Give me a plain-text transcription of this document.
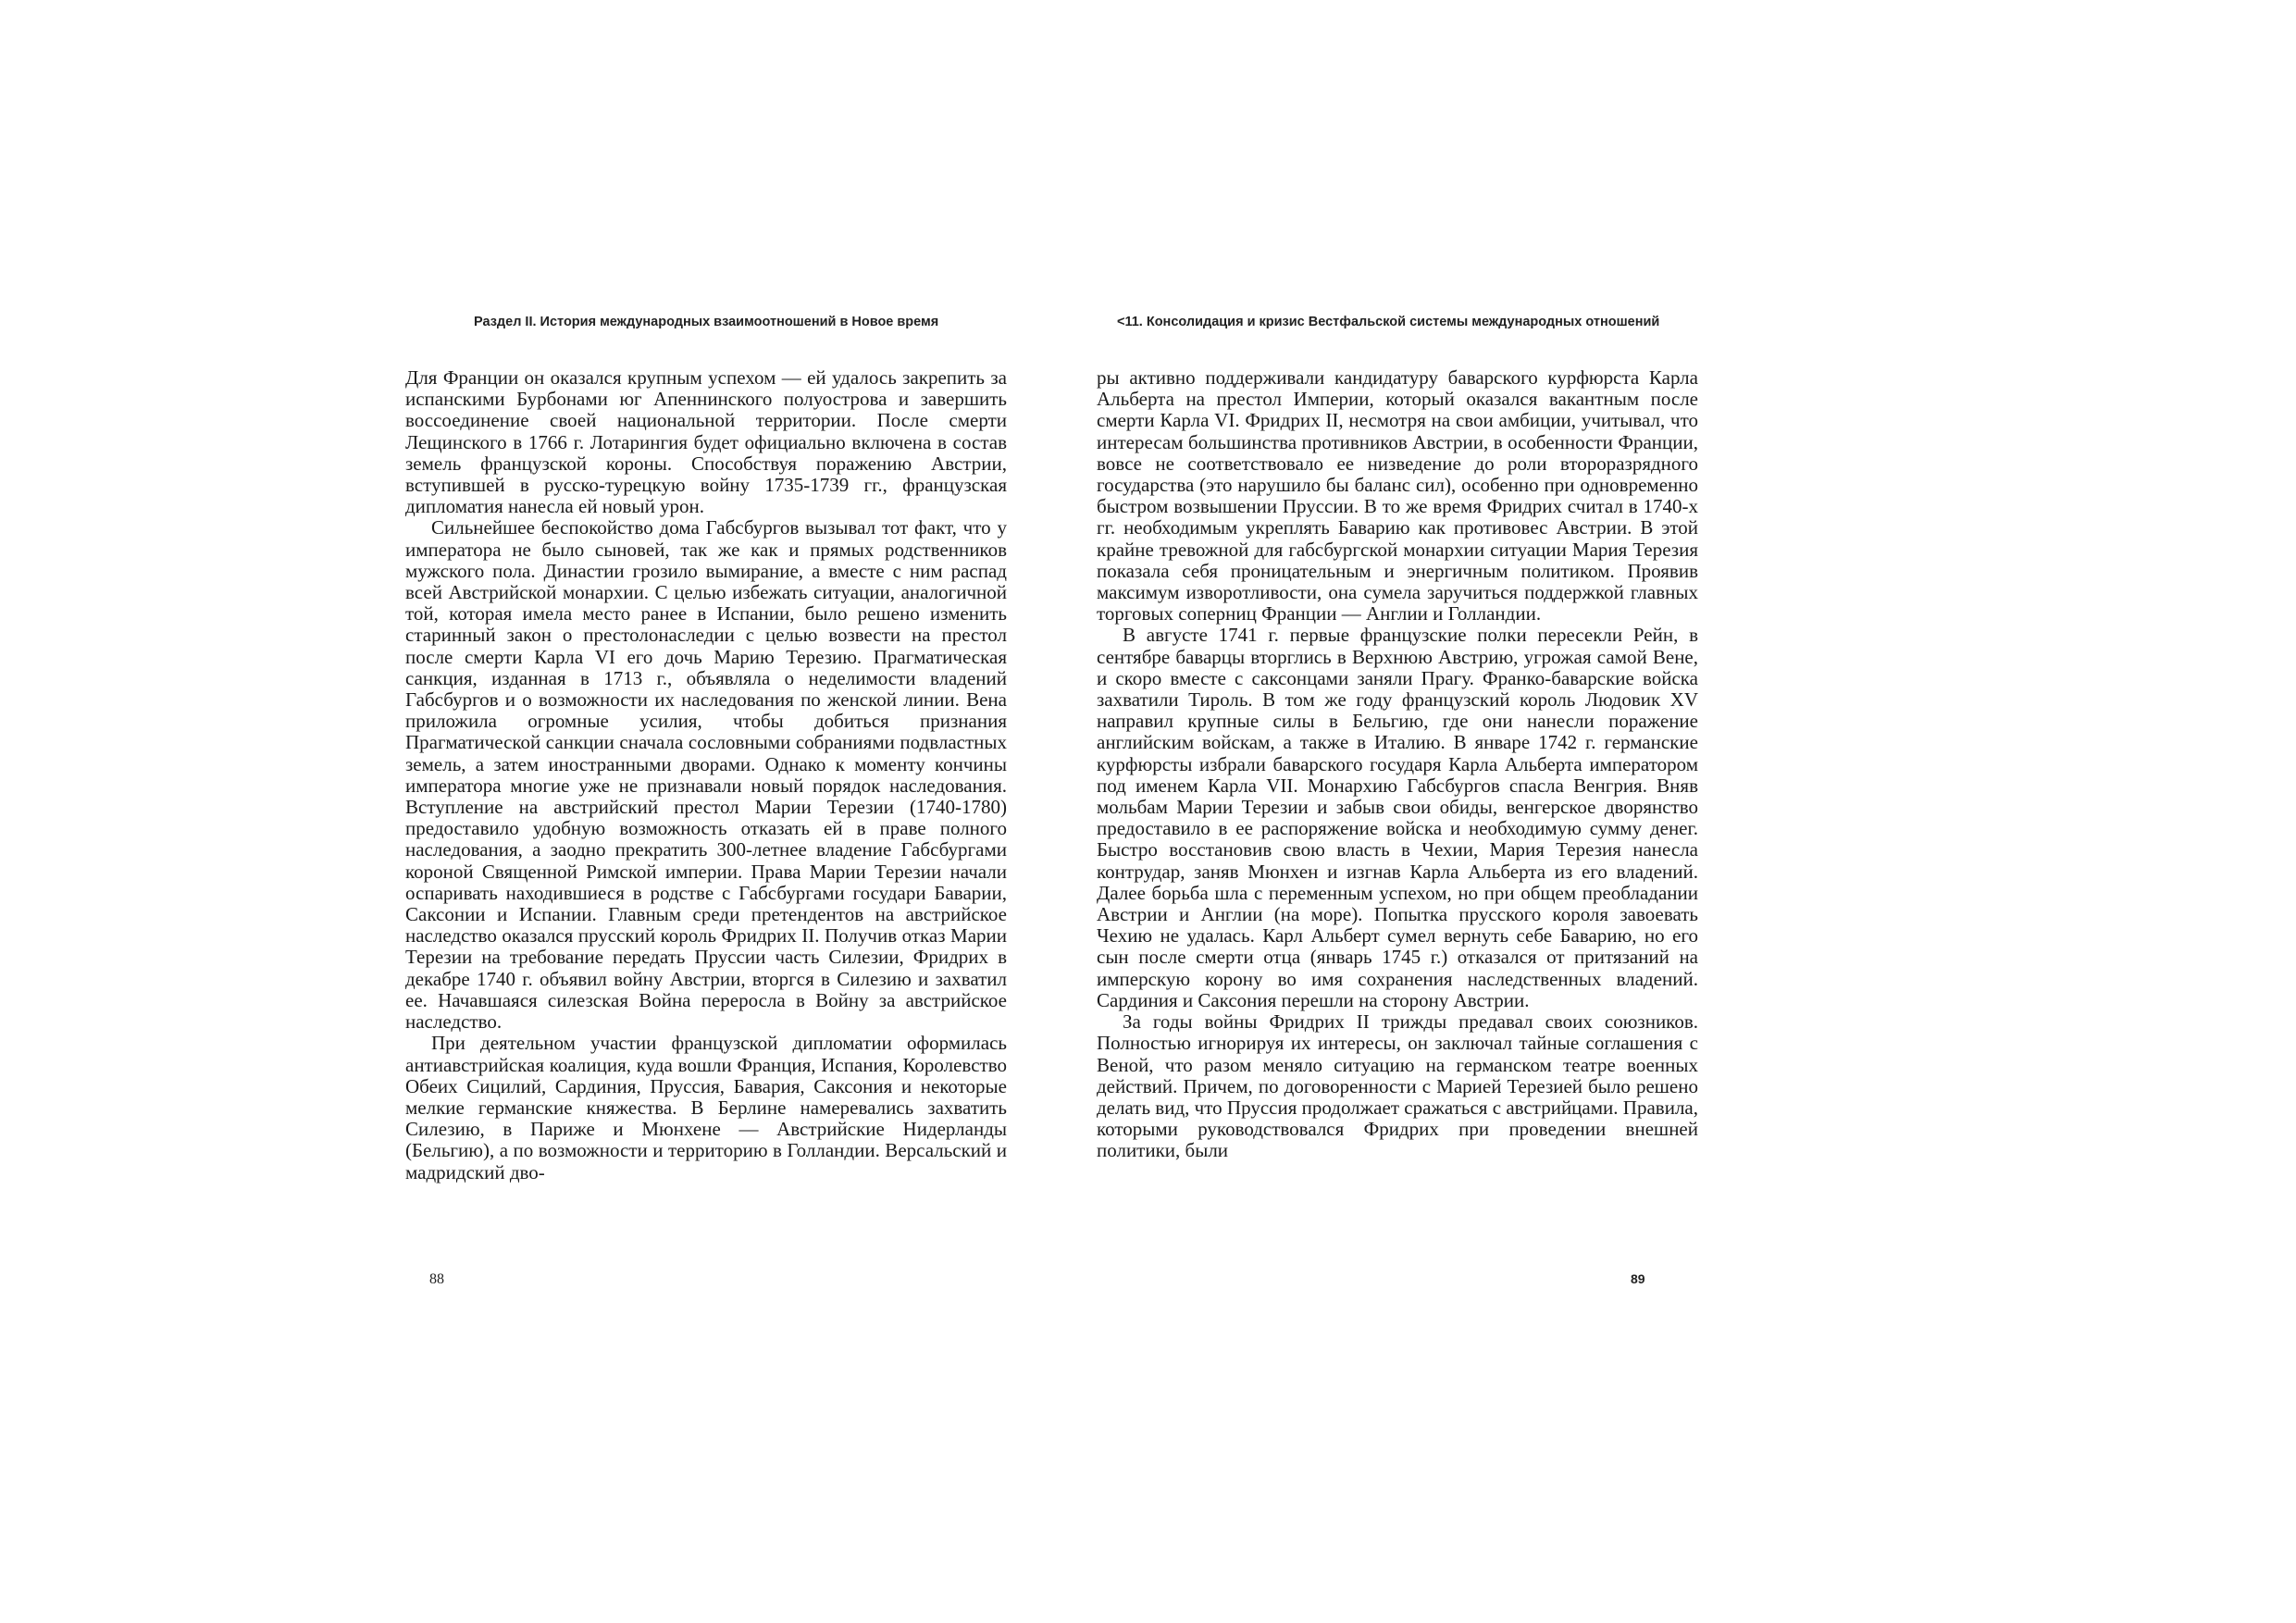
Раздел II. История международных взаимоотношений в Новое время

Для Франции он оказался крупным успехом — ей удалось закрепить за испанскими Бурбонами юг Апеннинского полуострова и завершить воссоединение своей национальной территории. После смерти Лещинского в 1766 г. Лотарингия будет официально включена в состав земель французской короны. Способствуя поражению Австрии, вступившей в русско-турецкую войну 1735-1739 гг., французская дипломатия нанесла ей новый урон.

Сильнейшее беспокойство дома Габсбургов вызывал тот факт, что у императора не было сыновей, так же как и прямых родственников мужского пола. Династии грозило вымирание, а вместе с ним распад всей Австрийской монархии. С целью избежать ситуации, аналогичной той, которая имела место ранее в Испании, было решено изменить старинный закон о престолонаследии с целью возвести на престол после смерти Карла VI его дочь Марию Терезию. Прагматическая санкция, изданная в 1713 г., объявляла о неделимости владений Габсбургов и о возможности их наследования по женской линии. Вена приложила огромные усилия, чтобы добиться признания Прагматической санкции сначала сословными собраниями подвластных земель, а затем иностранными дворами. Однако к моменту кончины императора многие уже не признавали новый порядок наследования. Вступление на австрийский престол Марии Терезии (1740-1780) предоставило удобную возможность отказать ей в праве полного наследования, а заодно прекратить 300-летнее владение Габсбургами короной Священной Римской империи. Права Марии Терезии начали оспаривать находившиеся в родстве с Габсбургами государи Баварии, Саксонии и Испании. Главным среди претендентов на австрийское наследство оказался прусский король Фридрих II. Получив отказ Марии Терезии на требование передать Пруссии часть Силезии, Фридрих в декабре 1740 г. объявил войну Австрии, вторгся в Силезию и захватил ее. Начавшаяся силезская Война переросла в Войну за австрийское наследство.

При деятельном участии французской дипломатии оформилась антиавстрийская коалиция, куда вошли Франция, Испания, Королевство Обеих Сицилий, Сардиния, Пруссия, Бавария, Саксония и некоторые мелкие германские княжества. В Берлине намеревались захватить Силезию, в Париже и Мюнхене — Австрийские Нидерланды (Бельгию), а по возможности и территорию в Голландии. Версальский и мадридский дво-

88
<11. Консолидация и кризис Вестфальской системы международных отношений

ры активно поддерживали кандидатуру баварского курфюрста Карла Альберта на престол Империи, который оказался вакантным после смерти Карла VI. Фридрих II, несмотря на свои амбиции, учитывал, что интересам большинства противников Австрии, в особенности Франции, вовсе не соответствовало ее низведение до роли второразрядного государства (это нарушило бы баланс сил), особенно при одновременно быстром возвышении Пруссии. В то же время Фридрих считал в 1740-х гг. необходимым укреплять Баварию как противовес Австрии. В этой крайне тревожной для габсбургской монархии ситуации Мария Терезия показала себя проницательным и энергичным политиком. Проявив максимум изворотливости, она сумела заручиться поддержкой главных торговых соперниц Франции — Англии и Голландии.

В августе 1741 г. первые французские полки пересекли Рейн, в сентябре баварцы вторглись в Верхнюю Австрию, угрожая самой Вене, и скоро вместе с саксонцами заняли Прагу. Франко-баварские войска захватили Тироль. В том же году французский король Людовик XV направил крупные силы в Бельгию, где они нанесли поражение английским войскам, а также в Италию. В январе 1742 г. германские курфюрсты избрали баварского государя Карла Альберта императором под именем Карла VII. Монархию Габсбургов спасла Венгрия. Вняв мольбам Марии Терезии и забыв свои обиды, венгерское дворянство предоставило в ее распоряжение войска и необходимую сумму денег. Быстро восстановив свою власть в Чехии, Мария Терезия нанесла контрудар, заняв Мюнхен и изгнав Карла Альберта из его владений. Далее борьба шла с переменным успехом, но при общем преобладании Австрии и Англии (на море). Попытка прусского короля завоевать Чехию не удалась. Карл Альберт сумел вернуть себе Баварию, но его сын после смерти отца (январь 1745 г.) отказался от притязаний на имперскую корону во имя сохранения наследственных владений. Сардиния и Саксония перешли на сторону Австрии.

За годы войны Фридрих II трижды предавал своих союзников. Полностью игнорируя их интересы, он заключал тайные соглашения с Веной, что разом меняло ситуацию на германском театре военных действий. Причем, по договоренности с Марией Терезией было решено делать вид, что Пруссия продолжает сражаться с австрийцами. Правила, которыми руководствовался Фридрих при проведении внешней политики, были

89
